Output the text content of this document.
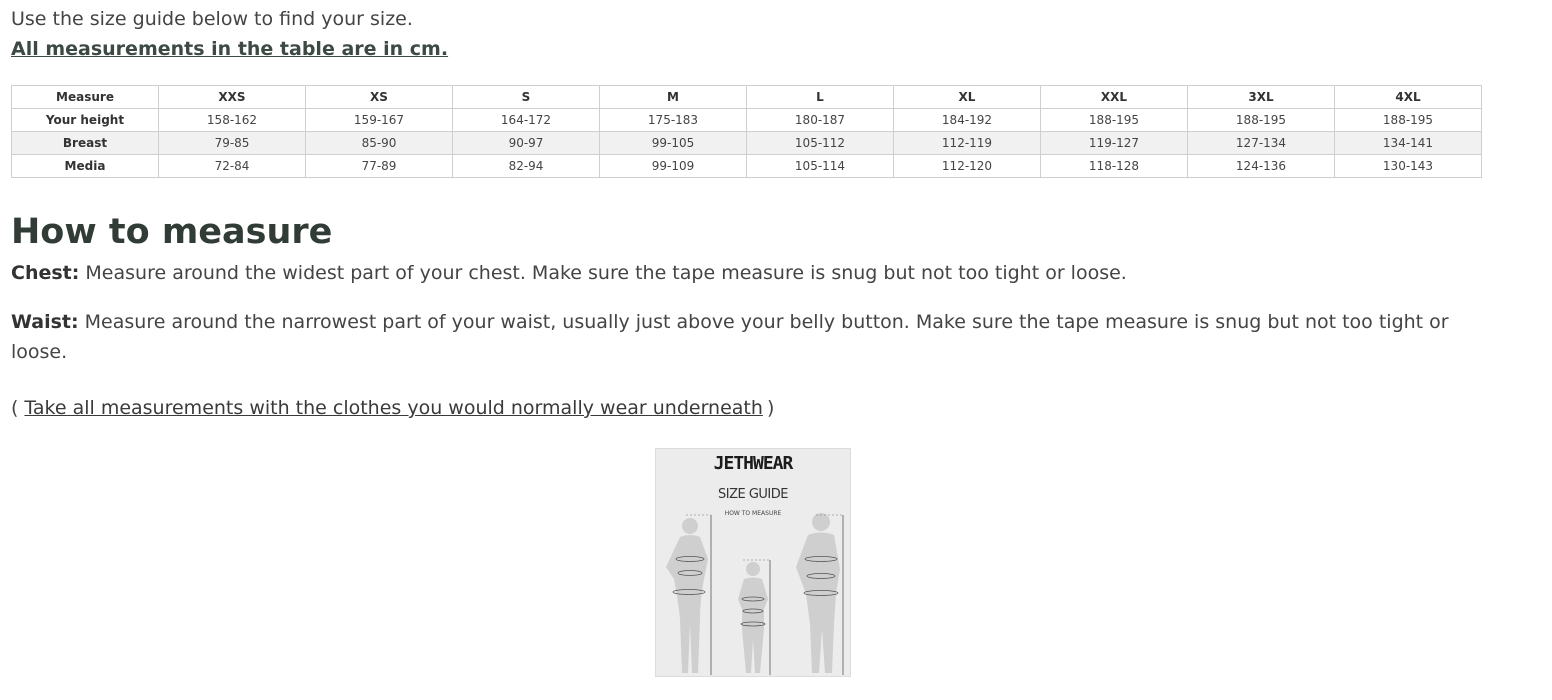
Use the size guide below to find your size.
All measurements in the table are in cm.
Measure	XXS	XS	S	M	L	XL	XXL	3XL	4XL
Your height	158-162	159-167	164-172	175-183	180-187	184-192	188-195	188-195	188-195
Breast	79-85	85-90	90-97	99-105	105-112	112-119	119-127	127-134	134-141
Media	72-84	77-89	82-94	99-109	105-114	112-120	118-128	124-136	130-143
How to measure
Chest: Measure around the widest part of your chest. Make sure the tape measure is snug but not too tight or loose.
Waist: Measure around the narrowest part of your waist, usually just above your belly button. Make sure the tape measure is snug but not too tight or loose.
( Take all measurements with the clothes you would normally wear underneath )
JETHWEAR
SIZE GUIDE
HOW TO MEASURE
